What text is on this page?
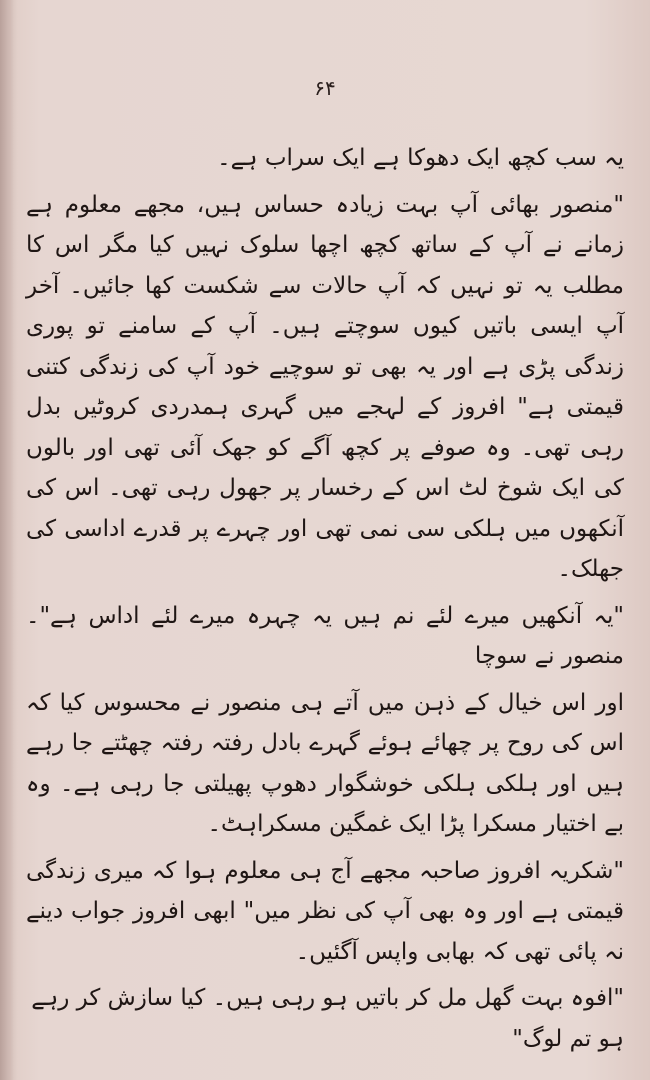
۶۴

یہ سب کچھ ایک دھوکا ہے ایک سراب ہے۔

"منصور بھائی آپ بہت زیادہ حساس ہیں، مجھے معلوم ہے زمانے نے آپ کے ساتھ کچھ اچھا سلوک نہیں کیا مگر اس کا مطلب یہ تو نہیں کہ آپ حالات سے شکست کھا جائیں۔ آخر آپ ایسی باتیں کیوں سوچتے ہیں۔ آپ کے سامنے تو پوری زندگی پڑی ہے اور یہ بھی تو سوچیے خود آپ کی زندگی کتنی قیمتی ہے" افروز کے لہجے میں گہری ہمدردی کروٹیں بدل رہی تھی۔ وہ صوفے پر کچھ آگے کو جھک آئی تھی اور بالوں کی ایک شوخ لٹ اس کے رخسار پر جھول رہی تھی۔ اس کی آنکھوں میں ہلکی سی نمی تھی اور چہرے پر قدرے اداسی کی جھلک۔

"یہ آنکھیں میرے لئے نم ہیں یہ چہرہ میرے لئے اداس ہے"۔ منصور نے سوچا

اور اس خیال کے ذہن میں آتے ہی منصور نے محسوس کیا کہ اس کی روح پر چھائے ہوئے گہرے بادل رفتہ رفتہ چھٹتے جا رہے ہیں اور ہلکی ہلکی خوشگوار دھوپ پھیلتی جا رہی ہے۔ وہ بے اختیار مسکرا پڑا ایک غمگین مسکراہٹ۔

"شکریہ افروز صاحبہ مجھے آج ہی معلوم ہوا کہ میری زندگی قیمتی ہے اور وہ بھی آپ کی نظر میں" ابھی افروز جواب دینے نہ پائی تھی کہ بھابی واپس آگئیں۔

"افوہ بہت گھل مل کر باتیں ہو رہی ہیں۔ کیا سازش کر رہے ہو تم لوگ"
